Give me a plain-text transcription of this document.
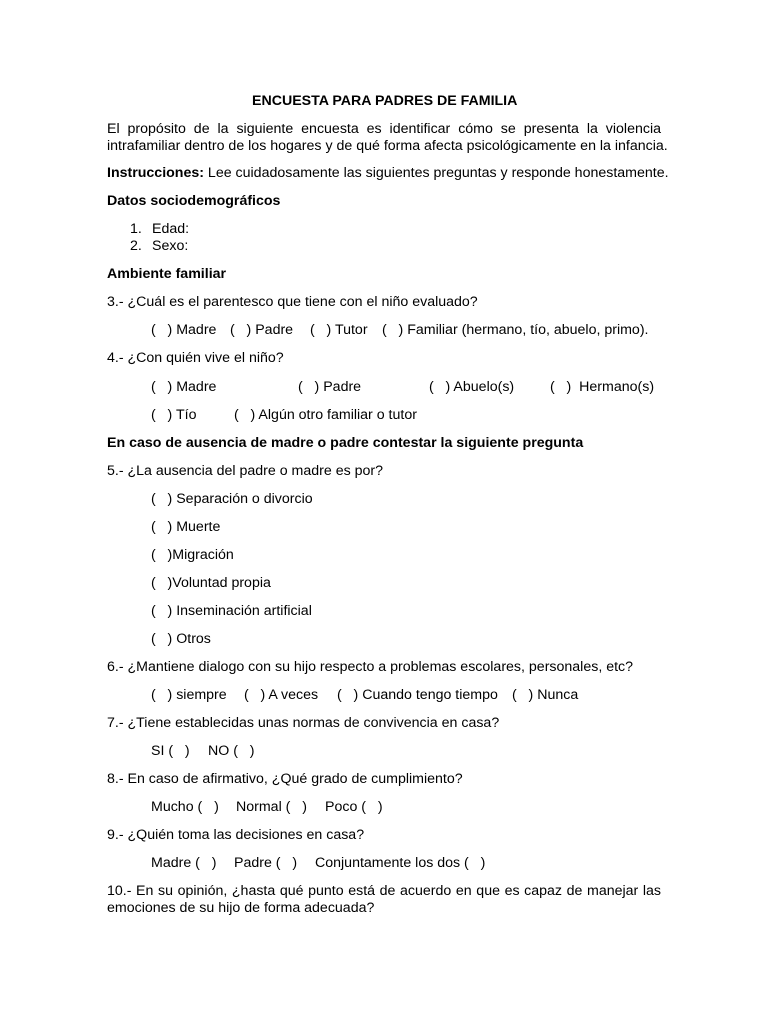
ENCUESTA PARA PADRES DE FAMILIA
El propósito de la siguiente encuesta es identificar cómo se presenta la violencia
intrafamiliar dentro de los hogares y de qué forma afecta psicológicamente en la infancia.
Instrucciones: Lee cuidadosamente las siguientes preguntas y responde honestamente.
Datos sociodemográficos
1. Edad:
2. Sexo:
Ambiente familiar
3.- ¿Cuál es el parentesco que tiene con el niño evaluado?
(   ) Madre (   ) Padre (   ) Tutor (   ) Familiar (hermano, tío, abuelo, primo).
4.- ¿Con quién vive el niño?
(   ) Madre	(   ) Padre	(   ) Abuelo(s)	(   )  Hermano(s)
(   ) Tío	(   ) Algún otro familiar o tutor
En caso de ausencia de madre o padre contestar la siguiente pregunta
5.- ¿La ausencia del padre o madre es por?
(   ) Separación o divorcio
(   ) Muerte
(   )Migración
(   )Voluntad propia
(   ) Inseminación artificial
(   ) Otros
6.- ¿Mantiene dialogo con su hijo respecto a problemas escolares, personales, etc?
(   ) siempre (   ) A veces (   ) Cuando tengo tiempo (   ) Nunca
7.- ¿Tiene establecidas unas normas de convivencia en casa?
SI (   ) NO (   )
8.- En caso de afirmativo, ¿Qué grado de cumplimiento?
Mucho (   ) Normal (   ) Poco (   )
9.- ¿Quién toma las decisiones en casa?
Madre (   ) Padre (   ) Conjuntamente los dos (   )
10.- En su opinión, ¿hasta qué punto está de acuerdo en que es capaz de manejar las
emociones de su hijo de forma adecuada?
